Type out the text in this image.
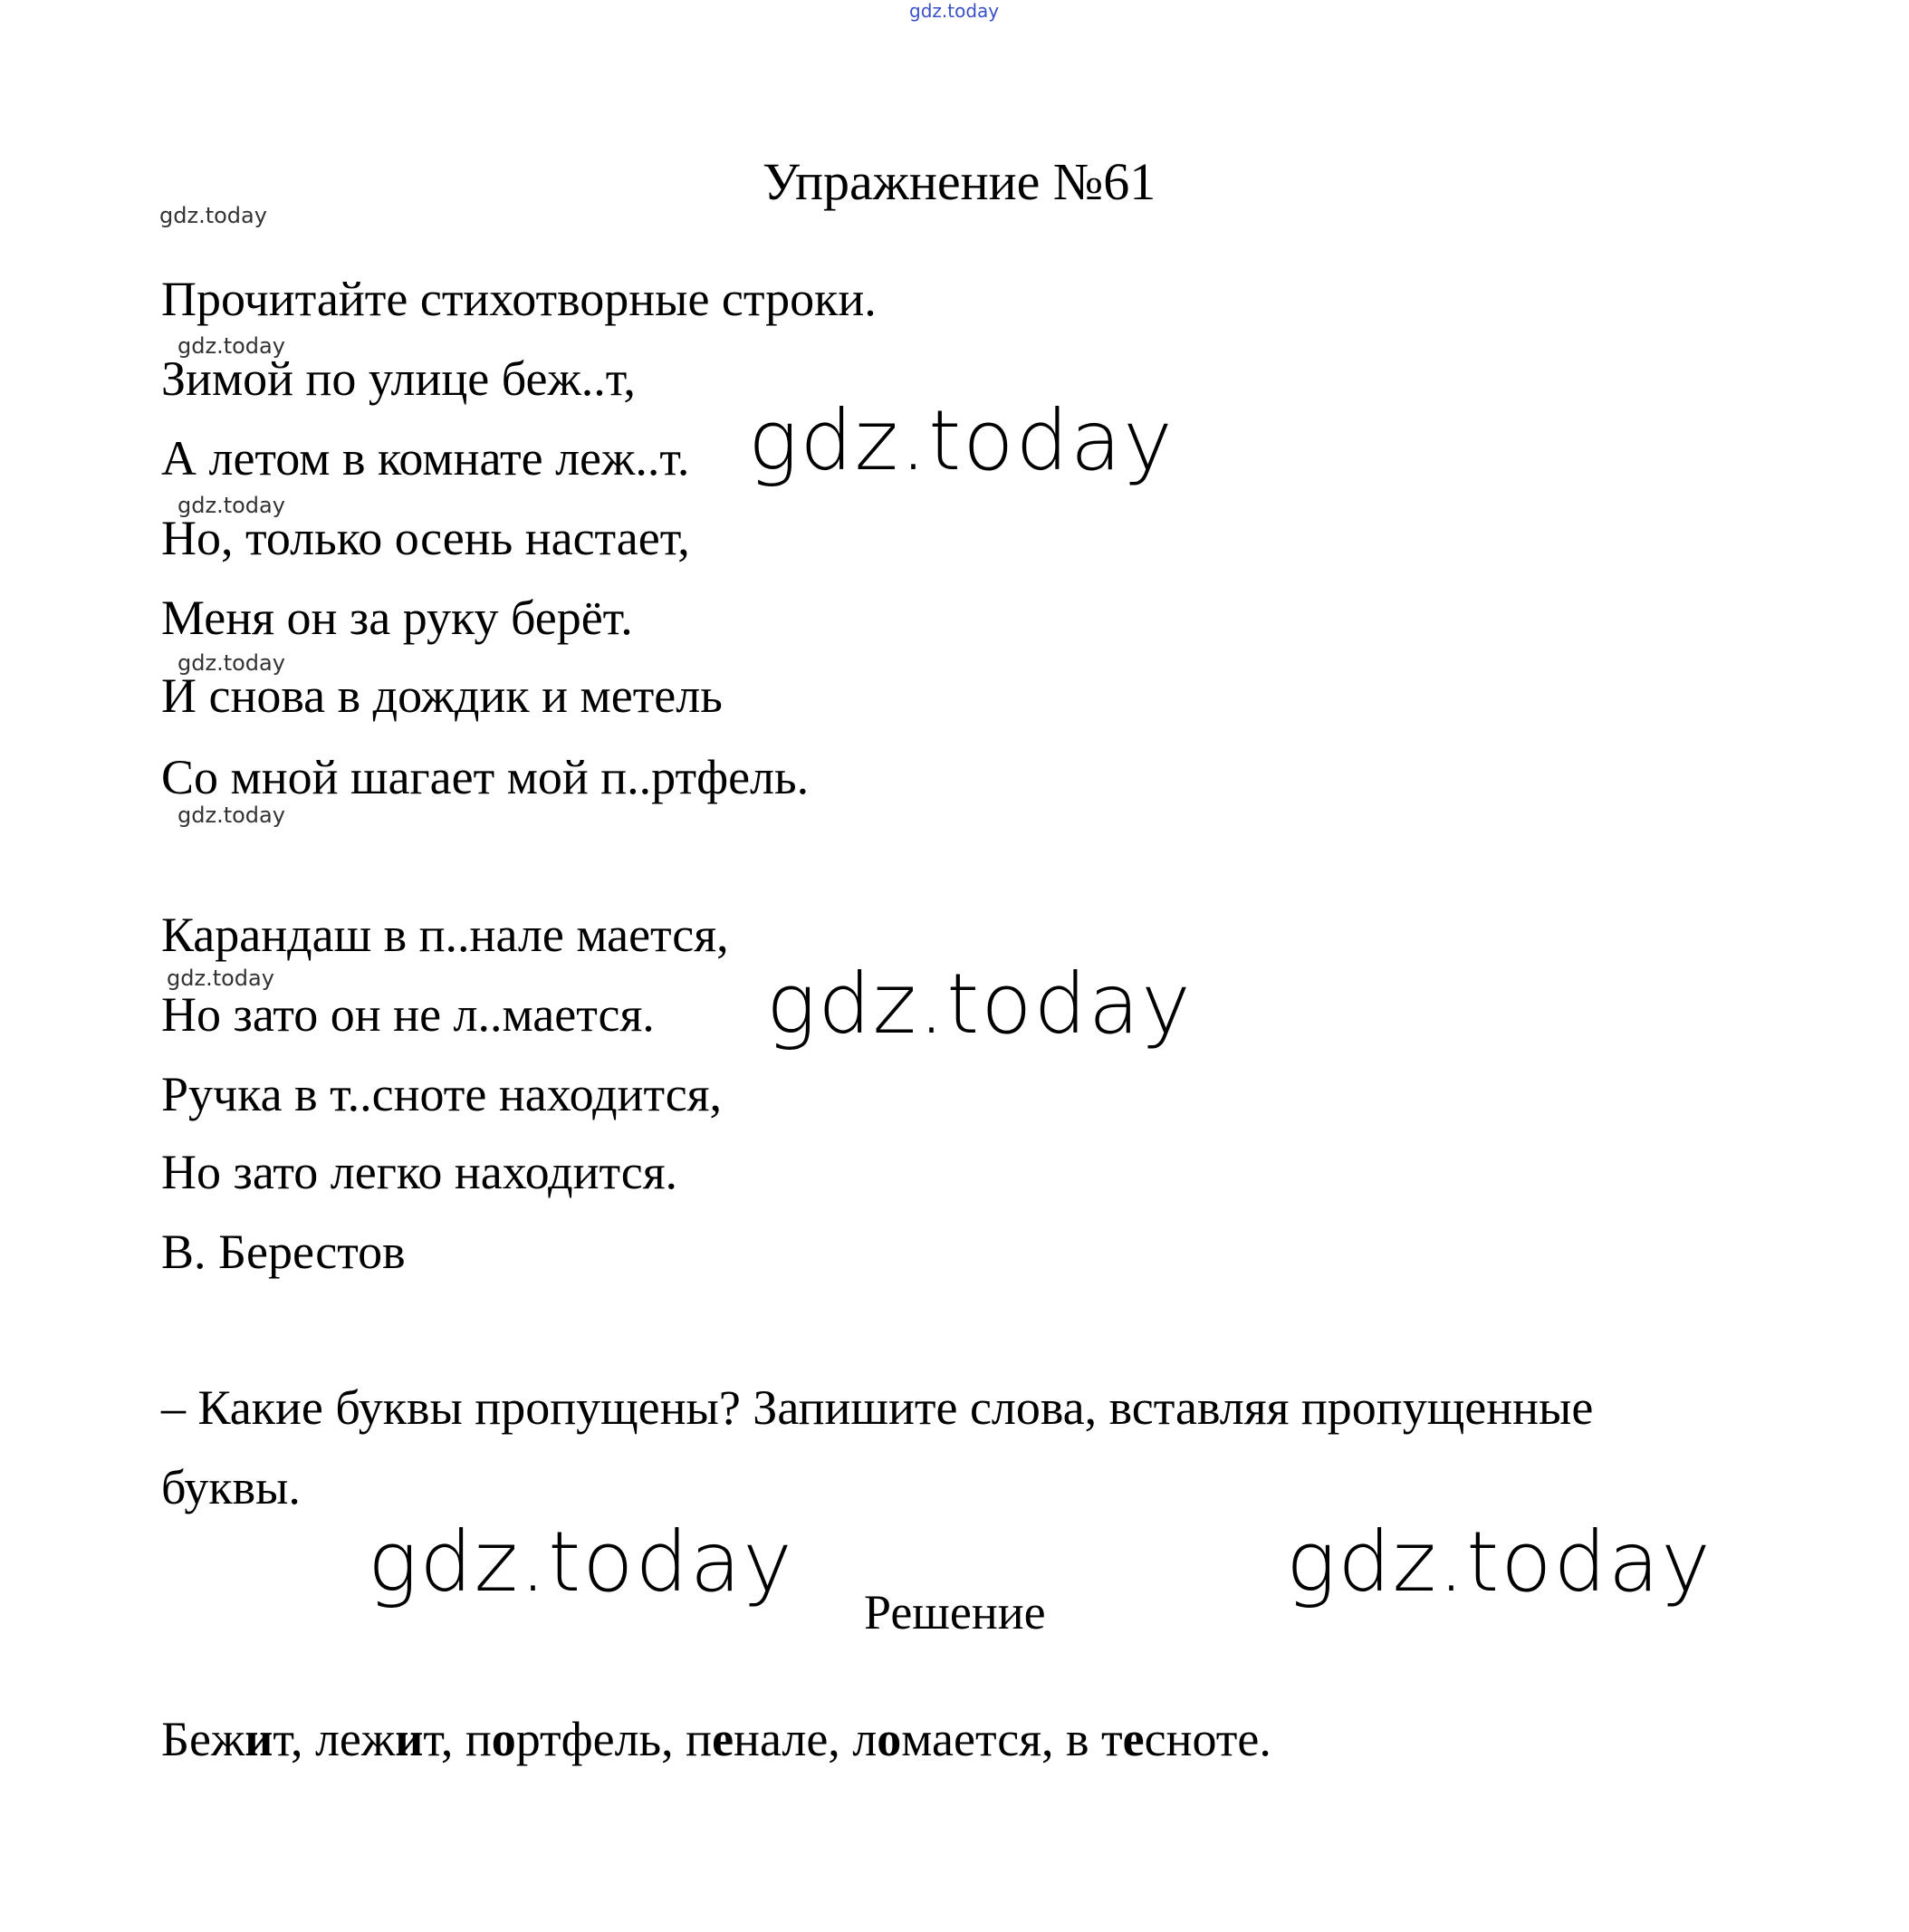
gdz.today
Упражнение №61
gdz.today
Прочитайте стихотворные строки.
gdz.today
Зимой по улице беж..т,
А летом в комнате леж..т. gdz.today
gdz.today
Но, только осень настает,
Меня он за руку берёт.
gdz.today
И снова в дождик и метель
Со мной шагает мой п..ртфель.
gdz.today
Карандаш в п..нале мается,
gdz.today
Но зато он не л..мается. gdz.today
Ручка в т..сноте находится,
Но зато легко находится.
В. Берестов
– Какие буквы пропущены? Запишите слова, вставляя пропущенные
буквы.
gdz.today
Решение
gdz.today
Бежит, лежит, портфель, пенале, ломается, в тесноте.
